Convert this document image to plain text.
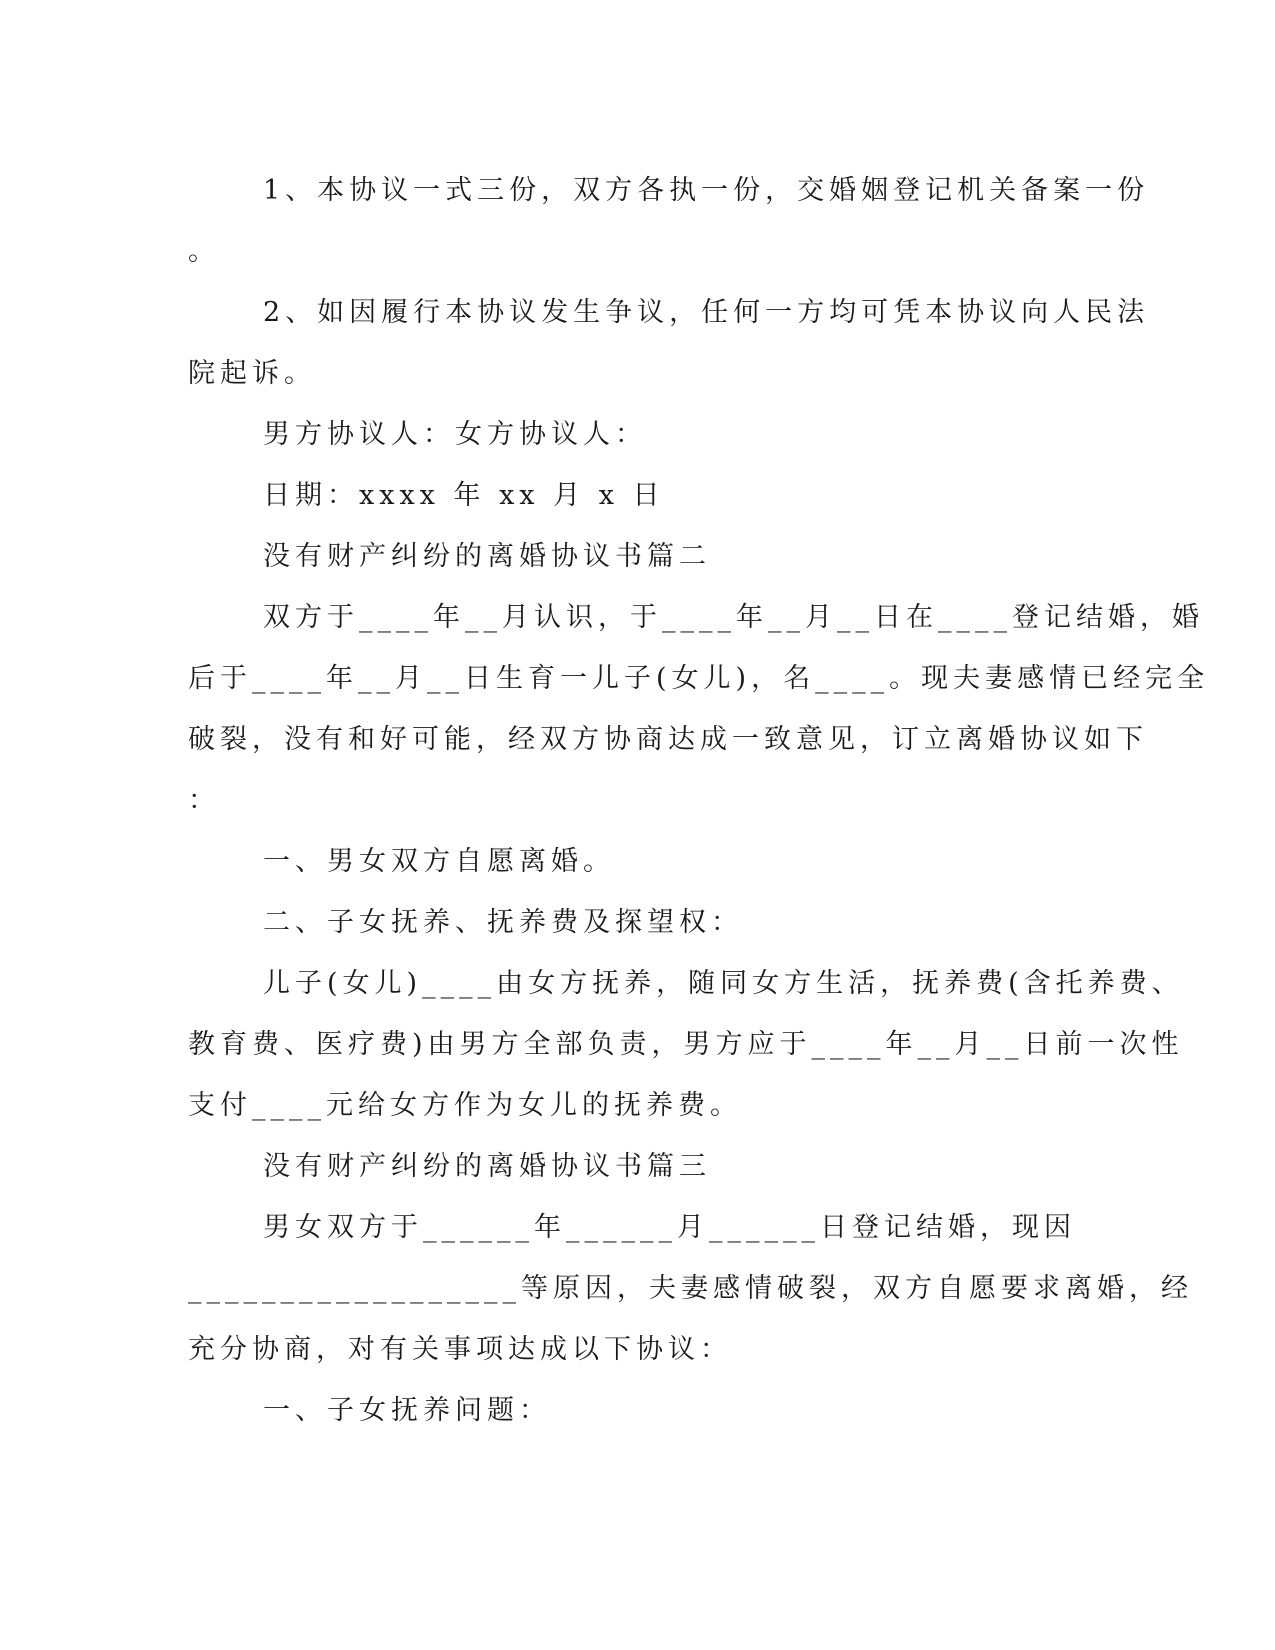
1、本协议一式三份，双方各执一份，交婚姻登记机关备案一份
。
2、如因履行本协议发生争议，任何一方均可凭本协议向人民法
院起诉。
男方协议人：女方协议人：
日期：xxxx 年 xx 月 x 日
没有财产纠纷的离婚协议书篇二
双方于____年__月认识，于____年__月__日在____登记结婚，婚
后于____年__月__日生育一儿子(女儿)，名____。现夫妻感情已经完全
破裂，没有和好可能，经双方协商达成一致意见，订立离婚协议如下
：
一、男女双方自愿离婚。
二、子女抚养、抚养费及探望权：
儿子(女儿)____由女方抚养，随同女方生活，抚养费(含托养费、
教育费、医疗费)由男方全部负责，男方应于____年__月__日前一次性
支付____元给女方作为女儿的抚养费。
没有财产纠纷的离婚协议书篇三
男女双方于______年______月______日登记结婚，现因
__________________等原因，夫妻感情破裂，双方自愿要求离婚，经
充分协商，对有关事项达成以下协议：
一、子女抚养问题：
